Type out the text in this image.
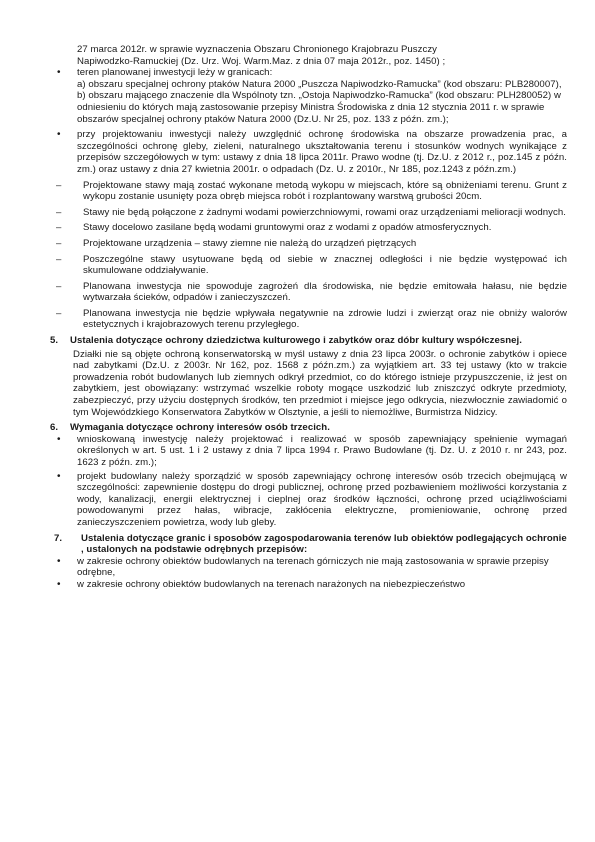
27 marca 2012r. w sprawie wyznaczenia Obszaru Chronionego Krajobrazu Puszczy

Napiwodzko-Ramuckiej (Dz. Urz. Woj. Warm.Maz. z dnia 07 maja 2012r., poz. 1450) ;

• teren planowanej inwestycji leży w granicach:

a) obszaru specjalnej ochrony ptaków Natura 2000 „Puszcza Napiwodzko-Ramucka” (kod obszaru: PLB280007),

b) obszaru mającego znaczenie dla Wspólnoty tzn. „Ostoja Napiwodzko-Ramucka” (kod obszaru: PLH280052) w odniesieniu do których mają zastosowanie przepisy Ministra Środowiska z dnia 12 stycznia 2011 r. w sprawie obszarów specjalnej ochrony ptaków Natura 2000 (Dz.U. Nr 25, poz. 133 z późn. zm.);

• przy projektowaniu inwestycji należy uwzględnić ochronę środowiska na obszarze prowadzenia prac, a szczególności ochronę gleby, zieleni, naturalnego ukształtowania terenu i stosunków wodnych wynikające z przepisów szczegółowych w tym: ustawy z dnia 18 lipca 2011r. Prawo wodne (tj. Dz.U. z 2012 r., poz.145 z późn. zm.) oraz ustawy z dnia 27 kwietnia 2001r. o odpadach (Dz. U. z 2010r., Nr 185, poz.1243 z późn.zm.)

– Projektowane stawy mają zostać wykonane metodą wykopu w miejscach, które są obniżeniami terenu. Grunt z wykopu zostanie usunięty poza obręb miejsca robót i rozplantowany warstwą grubości 20cm.

– Stawy nie będą połączone z żadnymi wodami powierzchniowymi, rowami oraz urządzeniami melioracji wodnych.

– Stawy docelowo zasilane będą wodami gruntowymi oraz z wodami z opadów atmosferycznych.

– Projektowane urządzenia – stawy ziemne nie należą do urządzeń piętrzących

– Poszczególne stawy usytuowane będą od siebie w znacznej odległości i nie będzie występować ich skumulowane oddziaływanie.

– Planowana inwestycja nie spowoduje zagrożeń dla środowiska, nie będzie emitowała hałasu, nie będzie wytwarzała ścieków, odpadów i zanieczyszczeń.

– Planowana inwestycja nie będzie wpływała negatywnie na zdrowie ludzi i zwierząt oraz nie obniży walorów estetycznych i krajobrazowych terenu przyległego.

5. Ustalenia dotyczące ochrony dziedzictwa kulturowego i zabytków oraz dóbr kultury współczesnej.

Działki nie są objęte ochroną konserwatorską w myśl ustawy z dnia 23 lipca 2003r. o ochronie zabytków i opiece nad zabytkami (Dz.U. z 2003r. Nr 162, poz. 1568 z późn.zm.) za wyjątkiem art. 33 tej ustawy (kto w trakcie prowadzenia robót budowlanych lub ziemnych odkrył przedmiot, co do którego istnieje przypuszczenie, iż jest on zabytkiem, jest obowiązany: wstrzymać wszelkie roboty mogące uszkodzić lub zniszczyć odkryte przedmioty, zabezpieczyć, przy użyciu dostępnych środków, ten przedmiot i miejsce jego odkrycia, niezwłocznie zawiadomić o tym Wojewódzkiego Konserwatora Zabytków w Olsztynie, a jeśli to niemożliwe, Burmistrza Nidzicy.

6. Wymagania dotyczące ochrony interesów osób trzecich.
• wnioskowaną inwestycję należy projektować i realizować w sposób zapewniający spełnienie wymagań określonych w art. 5 ust. 1 i 2 ustawy z dnia 7 lipca 1994 r. Prawo Budowlane (tj. Dz. U. z 2010 r. nr 243, poz. 1623 z późn. zm.);

• projekt budowlany należy sporządzić w sposób zapewniający ochronę interesów osób trzecich obejmującą w szczególności: zapewnienie dostępu do drogi publicznej, ochronę przed pozbawieniem możliwości korzystania z wody, kanalizacji, energii elektrycznej i cieplnej oraz środków łączności, ochronę przed uciążliwościami powodowanymi przez hałas, wibracje, zakłócenia elektryczne, promieniowanie, ochronę przed zanieczyszczeniem powietrza, wody lub gleby.

7.	Ustalenia dotyczące granic i sposobów zagospodarowania terenów lub obiektów podlegających ochronie , ustalonych na podstawie odrębnych przepisów:
• w zakresie ochrony obiektów budowlanych na terenach górniczych nie mają zastosowania w sprawie przepisy odrębne,

• w zakresie ochrony obiektów budowlanych na terenach narażonych na niebezpieczeństwo
